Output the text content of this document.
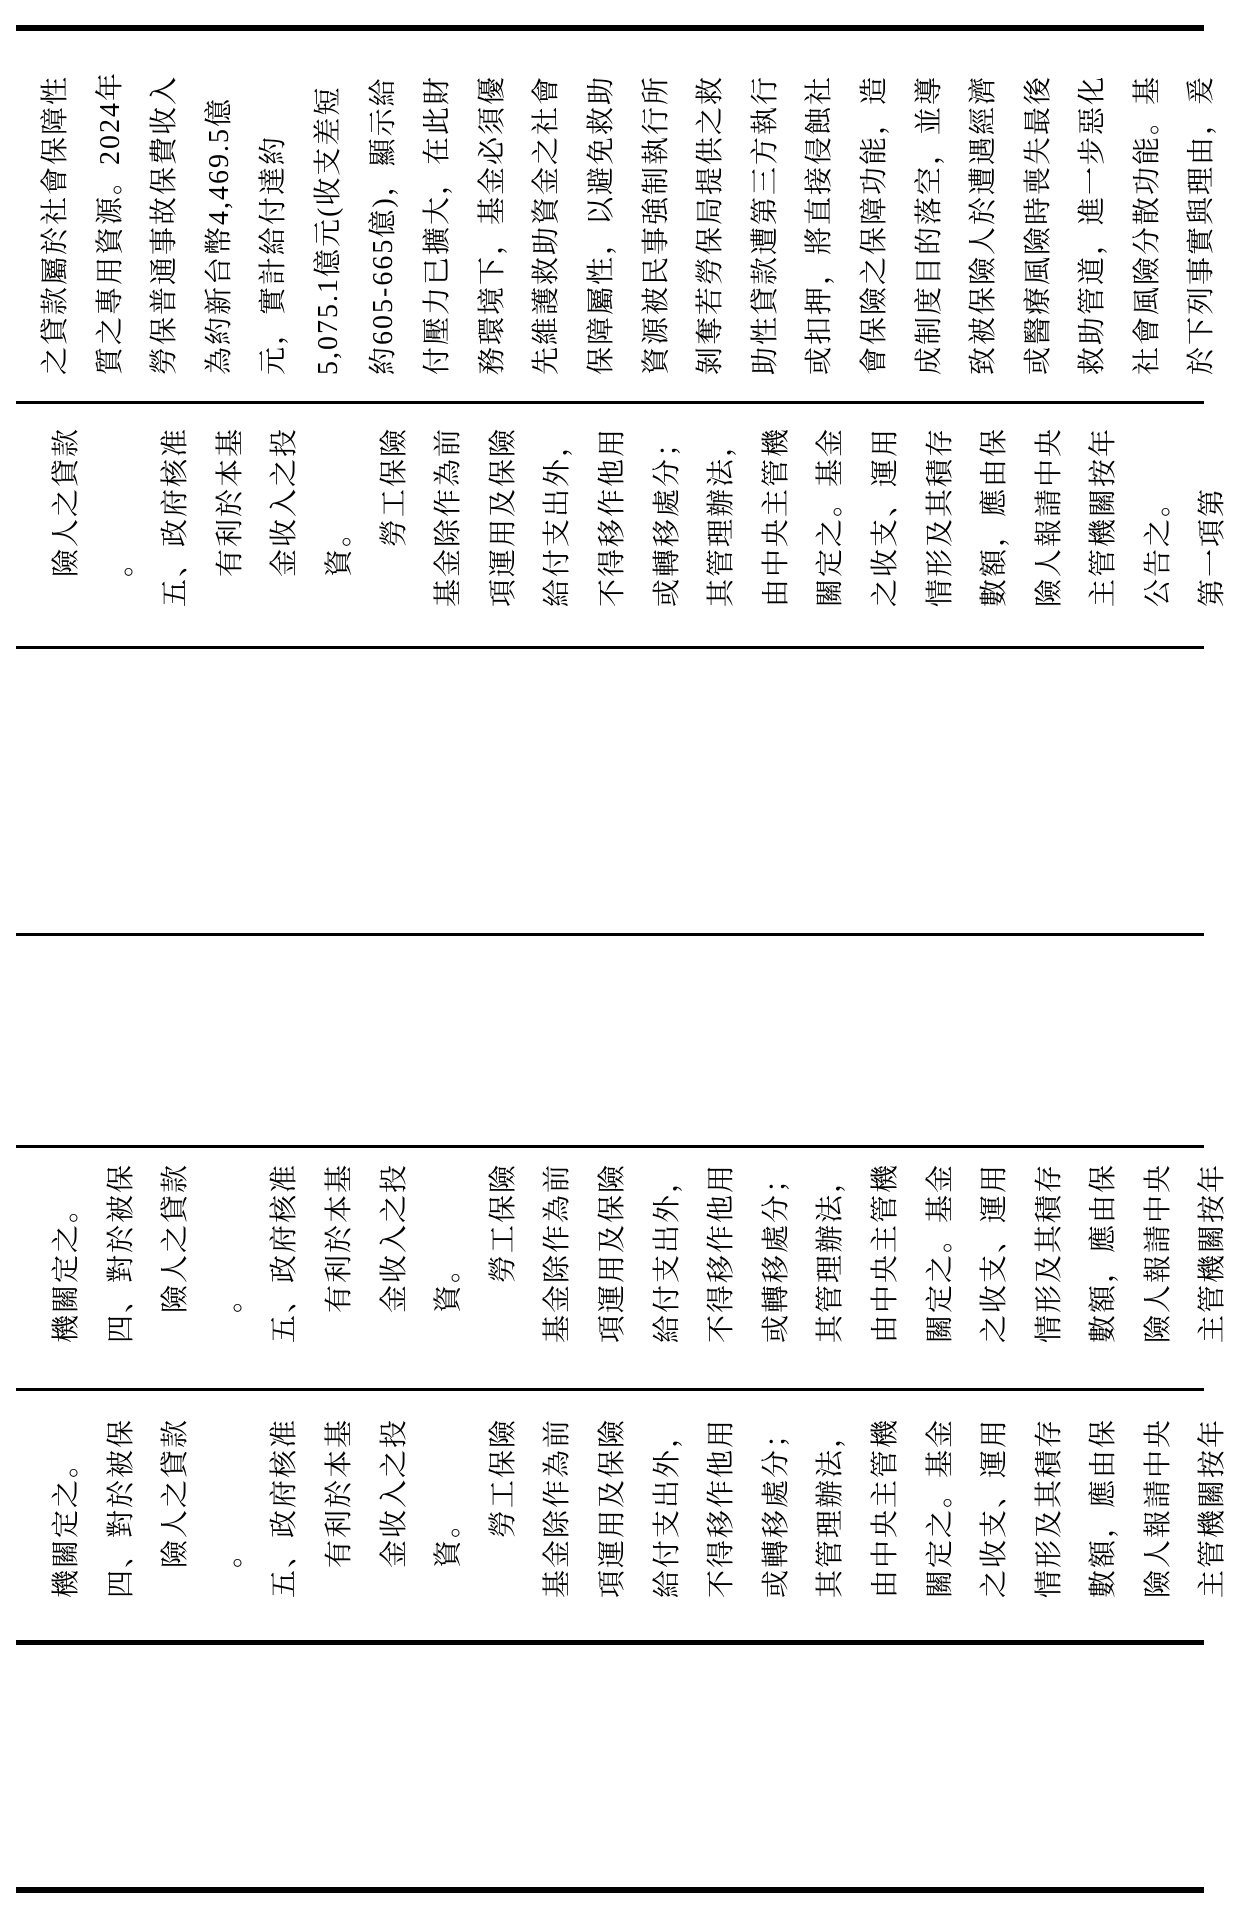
機關定之。 四、對於被保 　險人之貸款 　。 五、政府核准 　有利於本基 　金收入之投 　資。 　　勞工保險 基金除作為前 項運用及保險 給付支出外， 不得移作他用 或轉移處分； 其管理辦法， 由中央主管機 關定之。基金 之收支、運用 情形及其積存 數額，應由保 險人報請中央 主管機關按年
機關定之。 四、對於被保 　險人之貸款 　。 五、政府核准 　有利於本基 　金收入之投 　資。 　　勞工保險 基金除作為前 項運用及保險 給付支出外， 不得移作他用 或轉移處分； 其管理辦法， 由中央主管機 關定之。基金 之收支、運用 情形及其積存 數額，應由保 險人報請中央 主管機關按年
　險人之貸款 　。 五、政府核准 　有利於本基 　金收入之投 　資。 　　勞工保險 基金除作為前 項運用及保險 給付支出外， 不得移作他用 或轉移處分； 其管理辦法， 由中央主管機 關定之。基金 之收支、運用 情形及其積存 數額，應由保 險人報請中央 主管機關按年 公告之。 第一項第
之貸款屬於社會保障性 質之專用資源。2024年 勞保普通事故保費收入 為約新台幣4,469.5億 元，實計給付達約 5,075.1億元(收支差短 約605-665億)，顯示給 付壓力已擴大，在此財 務環境下，基金必須優 先維護救助資金之社會 保障屬性，以避免救助 資源被民事強制執行所 剝奪若勞保局提供之救 助性貸款遭第三方執行 或扣押，將直接侵蝕社 會保險之保障功能，造 成制度目的落空，並導 致被保險人於遭遇經濟 或醫療風險時喪失最後 救助管道，進一步惡化 社會風險分散功能。基 於下列事實與理由，爰
